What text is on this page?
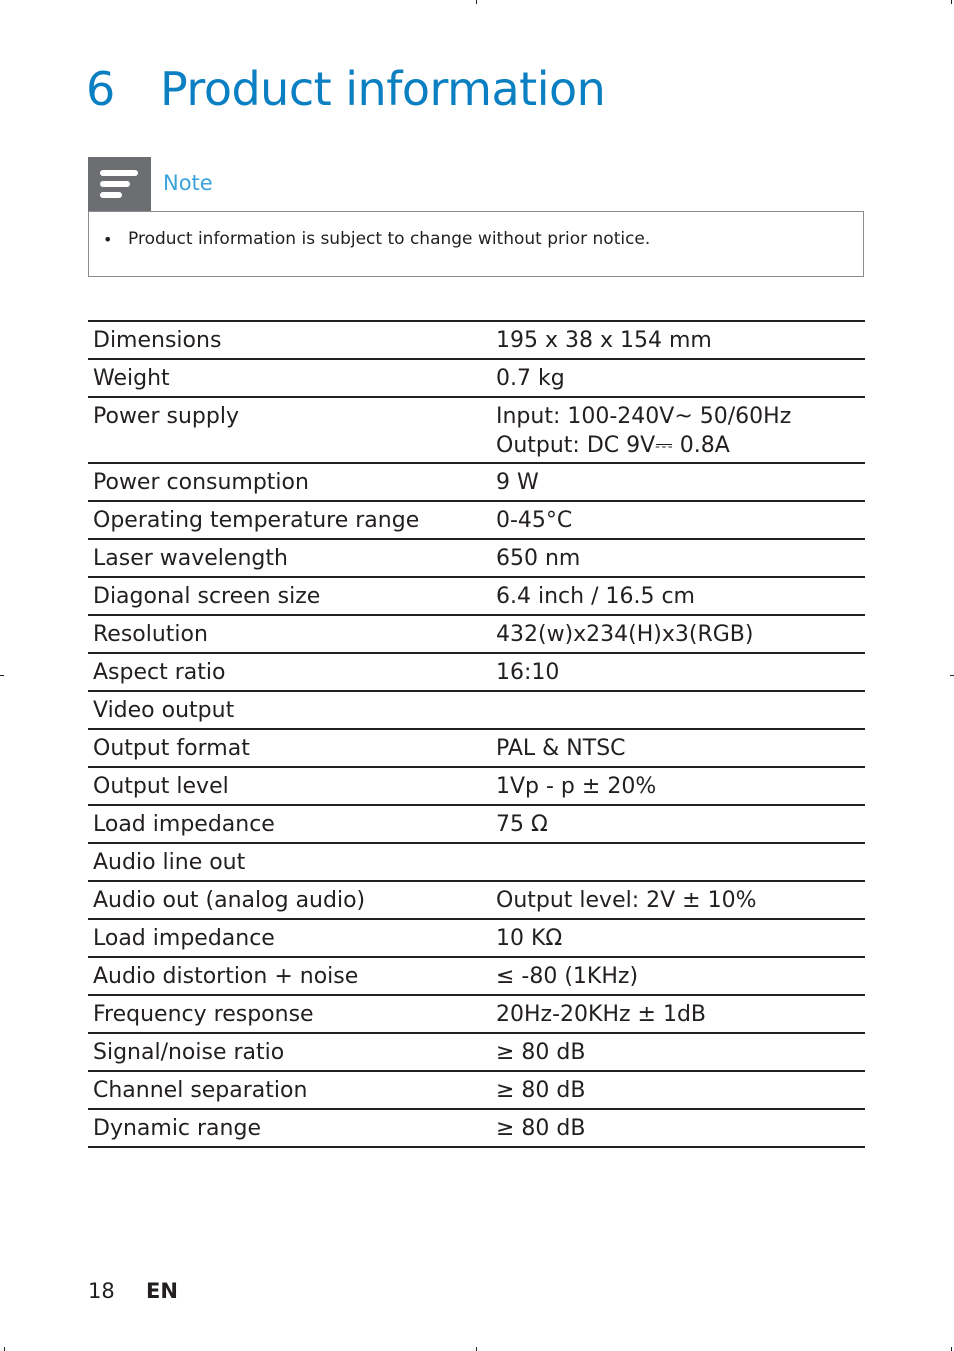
6 Product information
Note
• Product information is subject to change without prior notice.
Dimensions	195 x 38 x 154 mm
Weight	0.7 kg
Power supply	Input: 100-240V~ 50/60Hz
Output: DC 9V⎓ 0.8A

Power consumption	9 W
Operating temperature range	0-45°C
Laser wavelength	650 nm
Diagonal screen size	6.4 inch / 16.5 cm
Resolution	432(w)x234(H)x3(RGB)
Aspect ratio	16:10
Video output	
Output format	PAL & NTSC
Output level	1Vp - p ± 20%
Load impedance	75 Ω
Audio line out	
Audio out (analog audio)	Output level: 2V ± 10%
Load impedance	10 KΩ
Audio distortion + noise	≤ -80 (1KHz)
Frequency response	20Hz-20KHz ± 1dB
Signal/noise ratio	≥ 80 dB
Channel separation	≥ 80 dB
Dynamic range	≥ 80 dB
18 EN
